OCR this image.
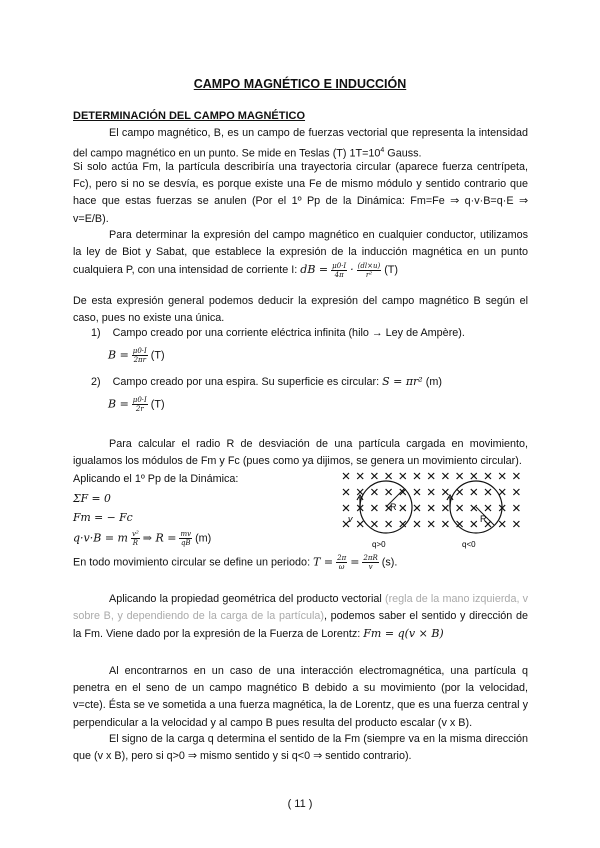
CAMPO MAGNÉTICO E INDUCCIÓN
DETERMINACIÓN DEL CAMPO MAGNÉTICO
El campo magnético, B, es un campo de fuerzas vectorial que representa la intensidad del campo magnético en un punto. Se mide en Teslas (T) $1T=10^4$ Gauss.
Si solo actúa Fm, la partícula describiría una trayectoria circular (aparece fuerza centrípeta, Fc), pero si no se desvía, es porque existe una Fe de mismo módulo y sentido contrario que hace que estas fuerzas se anulen (Por el 1º Pp de la Dinámica: Fm=Fe ⇒ q·v·B=q·E ⇒ v=E/B).
Para determinar la expresión del campo magnético en cualquier conductor, utilizamos la ley de Biot y Sabat, que establece la expresión de la inducción magnética en un punto cualquiera P, con una intensidad de corriente I: dB = $\frac{\mu 0\cdot I}{4\pi} \cdot \frac{(dl\times u)}{\text{r²}} (T)$
De esta expresión general podemos deducir la expresión del campo magnético B según el caso, pues no existe una única.
1) Campo creado por una corriente eléctrica infinita (hilo → Ley de Ampère).
$B = \frac{\mu 0\cdot I}{2\pi r} (T)$
2) Campo creado por una espira. Su superficie es circular: S = πr² (m)
$B = \frac{\mu 0\cdot I}{2r} (T)$
Para calcular el radio R de desviación de una partícula cargada en movimiento, igualamos los módulos de Fm y Fc (pues como ya dijimos, se genera un movimiento circular).
Aplicando el 1º Pp de la Dinámica:
ΣF = 0
Fm = − Fc
q·v·B = m $\frac{\text{v²}}{R}$ ⇒ $R = \frac{mv}{qB} (m)$
En todo movimiento circular se define un periodo: $T = \frac{2\pi}{\omega} = \frac{2\pi R}{v} (s)$.
R
R
v
q>0	q<0
Aplicando la propiedad geométrica del producto vectorial (regla de la mano izquierda, v sobre B, y dependiendo de la carga de la partícula), podemos saber el sentido y dirección de la Fm. Viene dado por la expresión de la Fuerza de Lorentz: Fm = q(v × B)
Al encontrarnos en un caso de una interacción electromagnética, una partícula q penetra en el seno de un campo magnético B debido a su movimiento (por la velocidad, v=cte). Ésta se ve sometida a una fuerza magnética, la de Lorentz, que es una fuerza central y perpendicular a la velocidad y al campo B pues resulta del producto escalar (v x B).
El signo de la carga q determina el sentido de la Fm (siempre va en la misma dirección que (v x B), pero si q>0 ⇒ mismo sentido y si q<0 ⇒ sentido contrario).
( 11 )
